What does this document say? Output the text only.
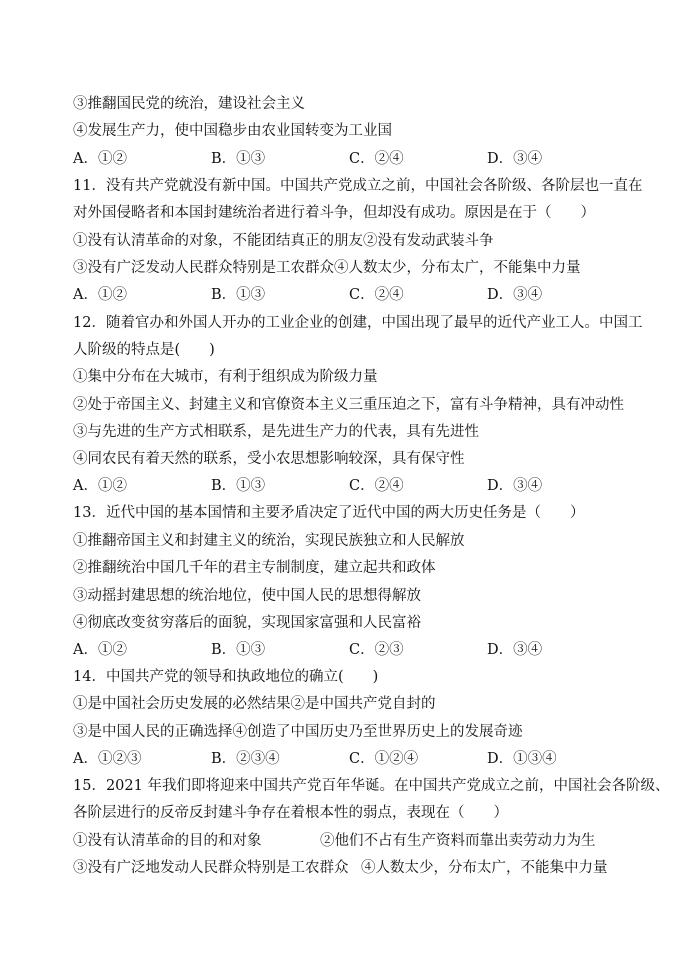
③推翻国民党的统治，建设社会主义
④发展生产力，使中国稳步由农业国转变为工业国
A．①②	B．①③	C．②④	D．③④
11．没有共产党就没有新中国。中国共产党成立之前，中国社会各阶级、各阶层也一直在
对外国侵略者和本国封建统治者进行着斗争，但却没有成功。原因是在于（　　）
①没有认清革命的对象，不能团结真正的朋友②没有发动武装斗争
③没有广泛发动人民群众特别是工农群众④人数太少，分布太广，不能集中力量
A．①②	B．①③	C．②④	D．③④
12．随着官办和外国人开办的工业企业的创建，中国出现了最早的近代产业工人。中国工
人阶级的特点是(　　)
①集中分布在大城市，有利于组织成为阶级力量
②处于帝国主义、封建主义和官僚资本主义三重压迫之下，富有斗争精神，具有冲动性
③与先进的生产方式相联系，是先进生产力的代表，具有先进性
④同农民有着天然的联系，受小农思想影响较深，具有保守性
A．①②	B．①③	C．②④	D．③④
13．近代中国的基本国情和主要矛盾决定了近代中国的两大历史任务是（　　）
①推翻帝国主义和封建主义的统治，实现民族独立和人民解放
②推翻统治中国几千年的君主专制制度，建立起共和政体
③动摇封建思想的统治地位，使中国人民的思想得解放
④彻底改变贫穷落后的面貌，实现国家富强和人民富裕
A．①②	B．①③	C．②③	D．③④
14．中国共产党的领导和执政地位的确立(　　)
①是中国社会历史发展的必然结果②是中国共产党自封的
③是中国人民的正确选择④创造了中国历史乃至世界历史上的发展奇迹
A．①②③	B．②③④	C．①②④	D．①③④
15．2021 年我们即将迎来中国共产党百年华诞。在中国共产党成立之前，中国社会各阶级、
各阶层进行的反帝反封建斗争存在着根本性的弱点，表现在（　　）
①没有认清革命的目的和对象	②他们不占有生产资料而靠出卖劳动力为生
③没有广泛地发动人民群众特别是工农群众 ④人数太少，分布太广，不能集中力量
